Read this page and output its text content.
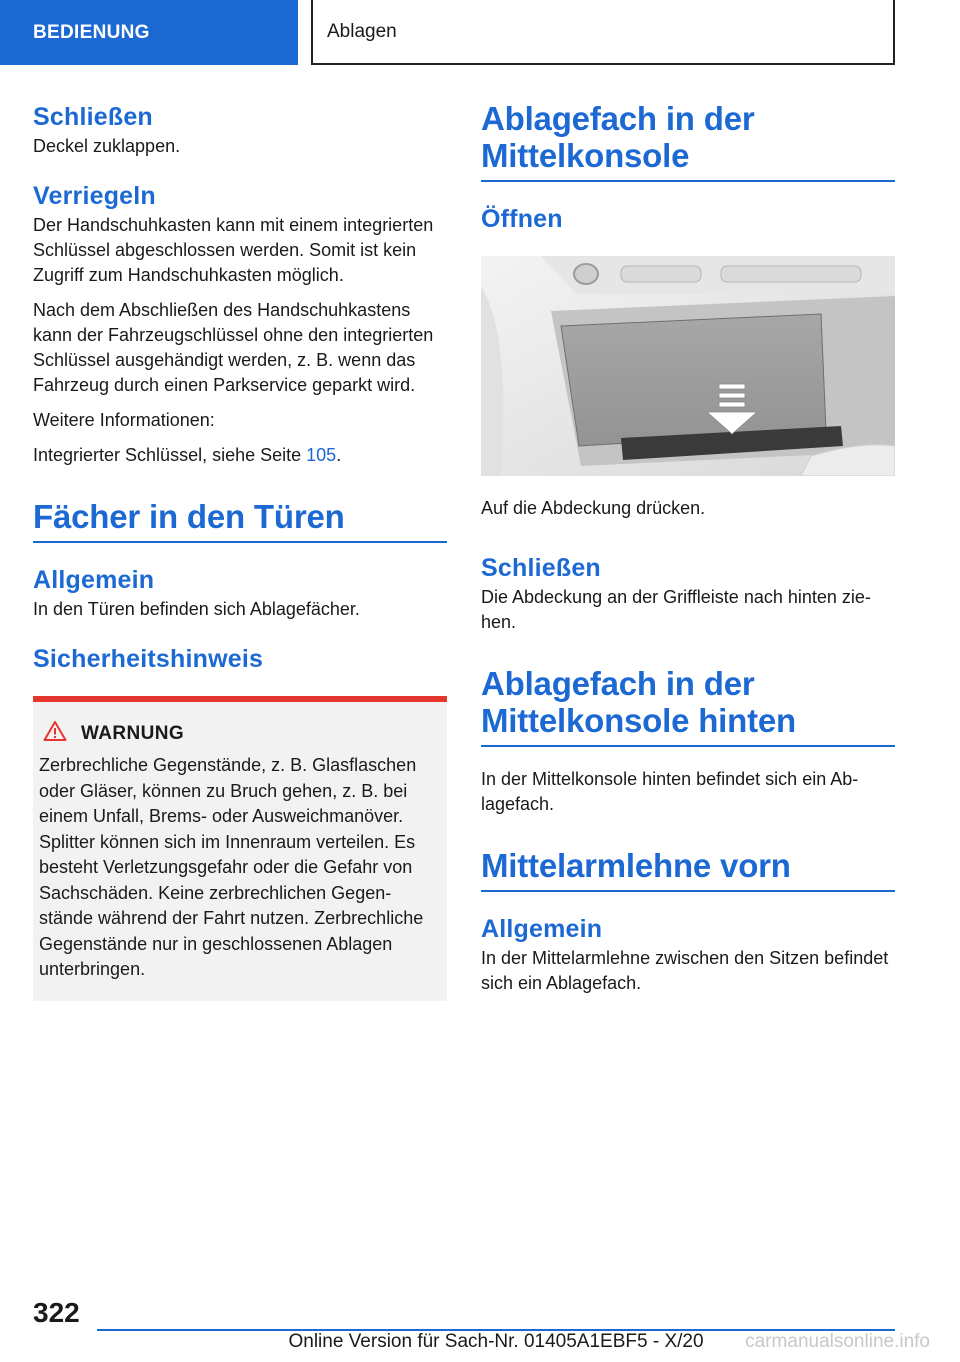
BEDIENUNG	Ablagen
Schließen

Deckel zuklappen.

Verriegeln

Der Handschuhkasten kann mit einem integrierten Schlüssel abgeschlossen werden. Somit ist kein Zugriff zum Handschuhkasten möglich.

Nach dem Abschließen des Handschuhkastens kann der Fahrzeugschlüssel ohne den integrierten Schlüssel ausgehändigt werden, z. B. wenn das Fahrzeug durch einen Parkservice geparkt wird.

Weitere Informationen:

Integrierter Schlüssel, siehe Seite 105.

Fächer in den Türen
Allgemein

In den Türen befinden sich Ablagefächer.

Sicherheitshinweis
WARNUNG

Zerbrechliche Gegenstände, z. B. Glasflaschen oder Gläser, können zu Bruch gehen, z. B. bei einem Unfall, Brems- oder Ausweichmanöver. Splitter können sich im Innenraum verteilen. Es besteht Verletzungsgefahr oder die Gefahr von Sachschäden. Keine zerbrechlichen Gegenstände während der Fahrt nutzen. Zerbrechliche Gegenstände nur in geschlossenen Ablagen unterbringen.

Ablagefach in der Mittelkonsole
Öffnen

Auf die Abdeckung drücken.

Schließen

Die Abdeckung an der Griffleiste nach hinten ziehen.

Ablagefach in der Mittelkonsole hinten

In der Mittelkonsole hinten befindet sich ein Ablagefach.

Mittelarmlehne vorn
Allgemein

In der Mittelarmlehne zwischen den Sitzen befindet sich ein Ablagefach.

322
Online Version für Sach-Nr. 01405A1EBF5 - X/20	carmanualsonline.info
